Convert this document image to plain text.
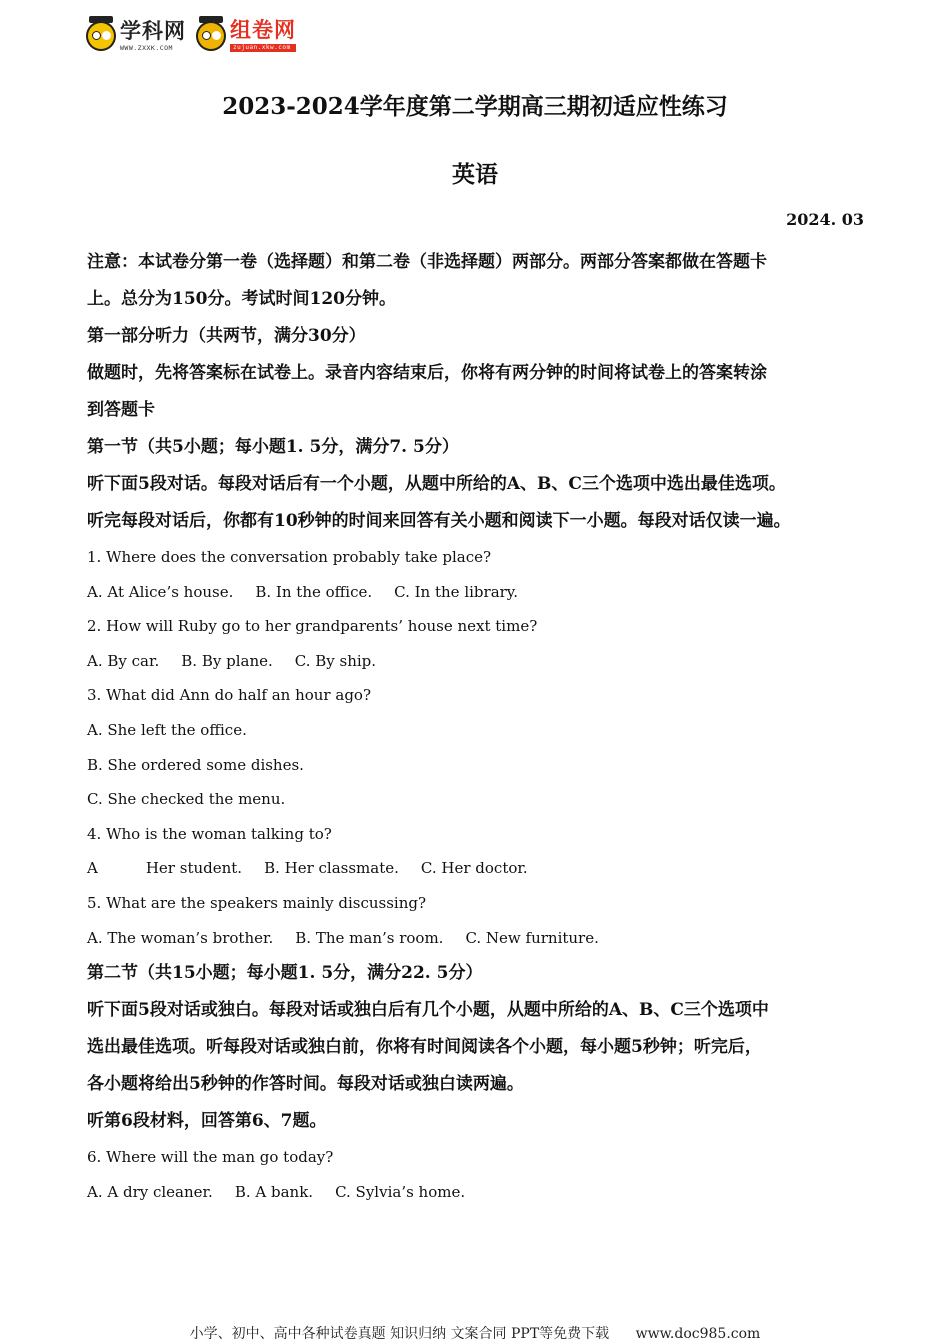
学科网
WWW.ZXXK.COM
组卷网
zujuan.xkw.com
2023-2024学年度第二学期高三期初适应性练习
英语
2024. 03
注意：本试卷分第一卷（选择题）和第二卷（非选择题）两部分。两部分答案都做在答题卡
上。总分为150分。考试时间120分钟。
第一部分听力（共两节，满分30分）
做题时，先将答案标在试卷上。录音内容结束后，你将有两分钟的时间将试卷上的答案转涂
到答题卡
第一节（共5小题；每小题1. 5分，满分7. 5分）
听下面5段对话。每段对话后有一个小题，从题中所给的A、B、C三个选项中选出最佳选项。
听完每段对话后，你都有10秒钟的时间来回答有关小题和阅读下一小题。每段对话仅读一遍。
1. Where does the conversation probably take place?
A. At Alice’s house. B. In the office. C. In the library.
2. How will Ruby go to her grandparents’ house next time?
A. By car. B. By plane. C. By ship.
3. What did Ann do half an hour ago?
A. She left the office.
B. She ordered some dishes.
C. She checked the menu.
4. Who is the woman talking to?
A	Her student. B. Her classmate. C. Her doctor.
5. What are the speakers mainly discussing?
A. The woman’s brother. B. The man’s room. C. New furniture.
第二节（共15小题；每小题1. 5分，满分22. 5分）
听下面5段对话或独白。每段对话或独白后有几个小题，从题中所给的A、B、C三个选项中
选出最佳选项。听每段对话或独白前，你将有时间阅读各个小题，每小题5秒钟；听完后，
各小题将给出5秒钟的作答时间。每段对话或独白读两遍。
听第6段材料，回答第6、7题。
6. Where will the man go today?
A. A dry cleaner. B. A bank. C. Sylvia’s home.
小学、初中、高中各种试卷真题 知识归纳 文案合同 PPT等免费下载 www.doc985.com
